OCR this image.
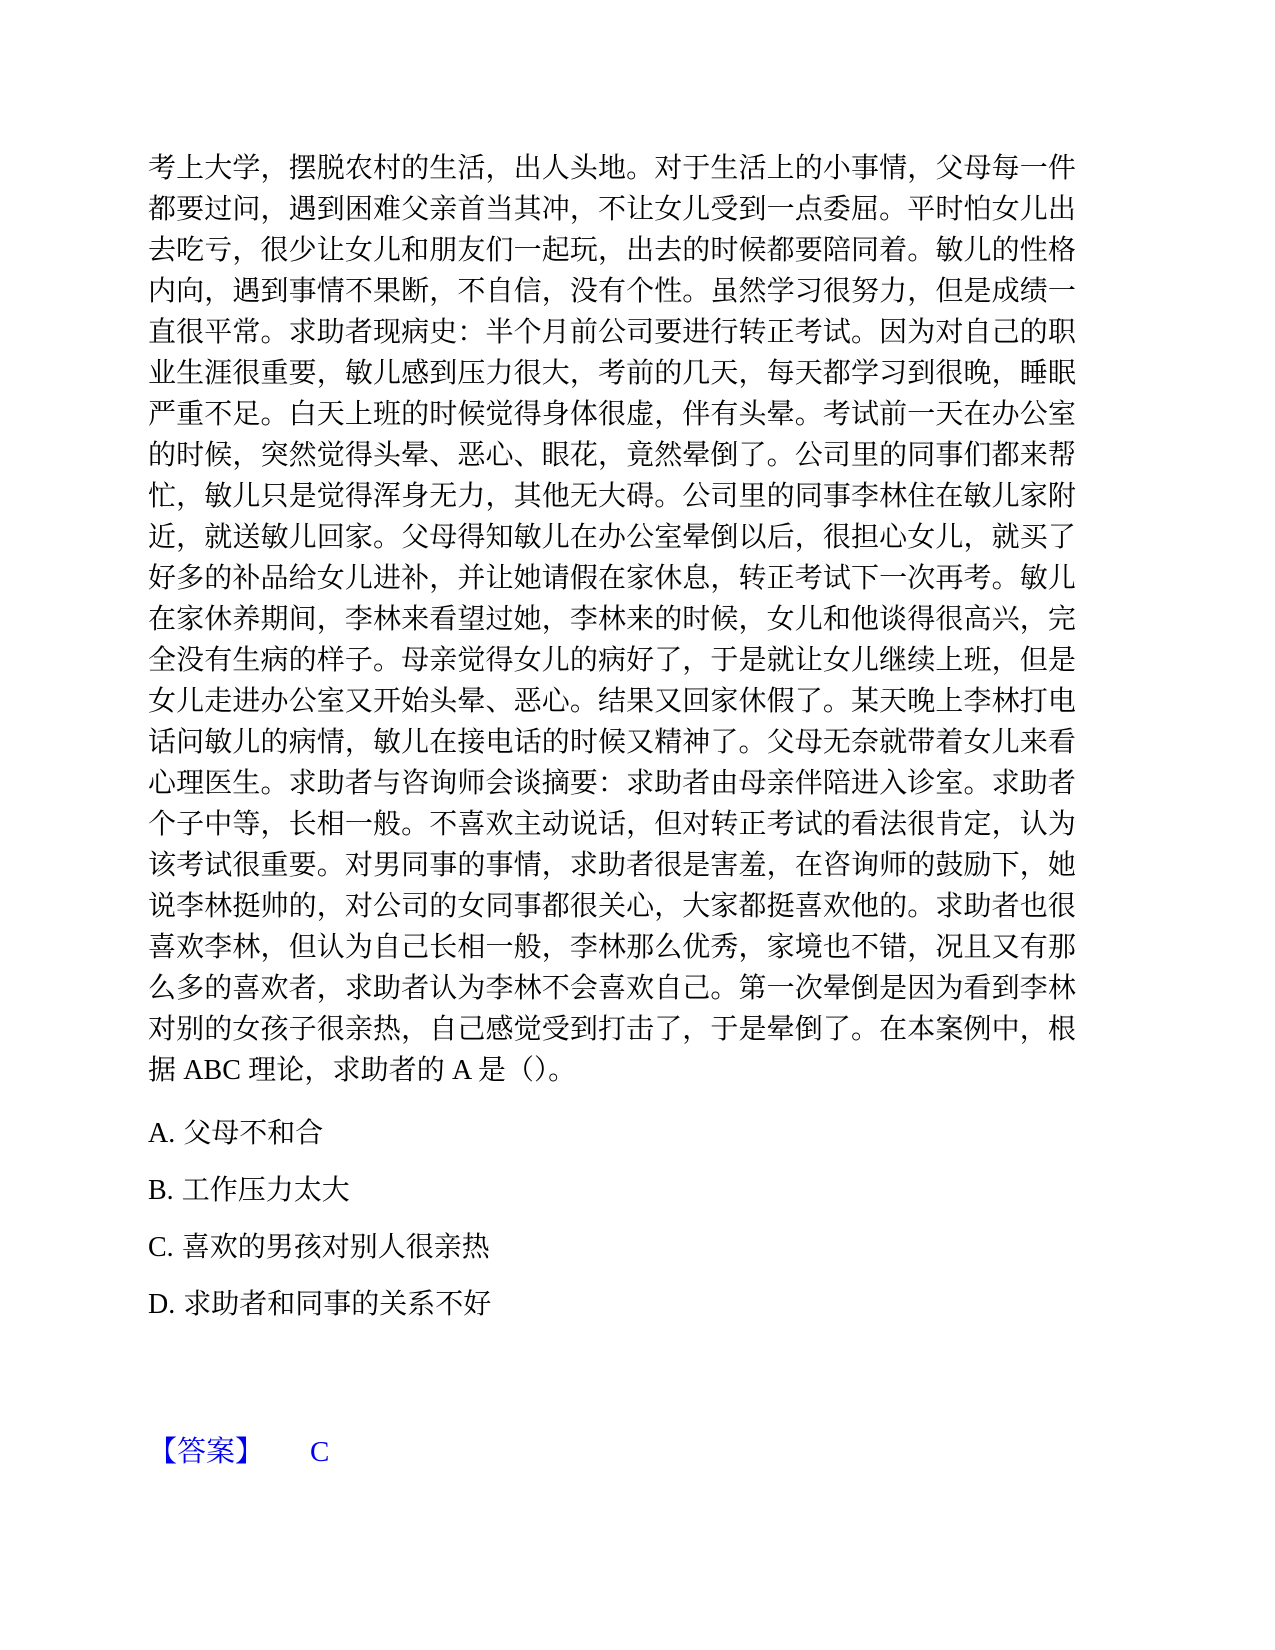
考上大学，摆脱农村的生活，出人头地。对于生活上的小事情，父母每一件都要过问，遇到困难父亲首当其冲，不让女儿受到一点委屈。平时怕女儿出去吃亏，很少让女儿和朋友们一起玩，出去的时候都要陪同着。敏儿的性格内向，遇到事情不果断，不自信，没有个性。虽然学习很努力，但是成绩一直很平常。求助者现病史：半个月前公司要进行转正考试。因为对自己的职业生涯很重要，敏儿感到压力很大，考前的几天，每天都学习到很晚，睡眠严重不足。白天上班的时候觉得身体很虚，伴有头晕。考试前一天在办公室的时候，突然觉得头晕、恶心、眼花，竟然晕倒了。公司里的同事们都来帮忙，敏儿只是觉得浑身无力，其他无大碍。公司里的同事李林住在敏儿家附近，就送敏儿回家。父母得知敏儿在办公室晕倒以后，很担心女儿，就买了好多的补品给女儿进补，并让她请假在家休息，转正考试下一次再考。敏儿在家休养期间，李林来看望过她，李林来的时候，女儿和他谈得很高兴，完全没有生病的样子。母亲觉得女儿的病好了，于是就让女儿继续上班，但是女儿走进办公室又开始头晕、恶心。结果又回家休假了。某天晚上李林打电话问敏儿的病情，敏儿在接电话的时候又精神了。父母无奈就带着女儿来看心理医生。求助者与咨询师会谈摘要：求助者由母亲伴陪进入诊室。求助者个子中等，长相一般。不喜欢主动说话，但对转正考试的看法很肯定，认为该考试很重要。对男同事的事情，求助者很是害羞，在咨询师的鼓励下，她说李林挺帅的，对公司的女同事都很关心，大家都挺喜欢他的。求助者也很喜欢李林，但认为自己长相一般，李林那么优秀，家境也不错，况且又有那么多的喜欢者，求助者认为李林不会喜欢自己。第一次晕倒是因为看到李林对别的女孩子很亲热，自己感觉受到打击了，于是晕倒了。在本案例中，根据 ABC 理论，求助者的 A 是（）。

A. 父母不和合
B. 工作压力太大
C. 喜欢的男孩对别人很亲热
D. 求助者和同事的关系不好
【答案】 C
